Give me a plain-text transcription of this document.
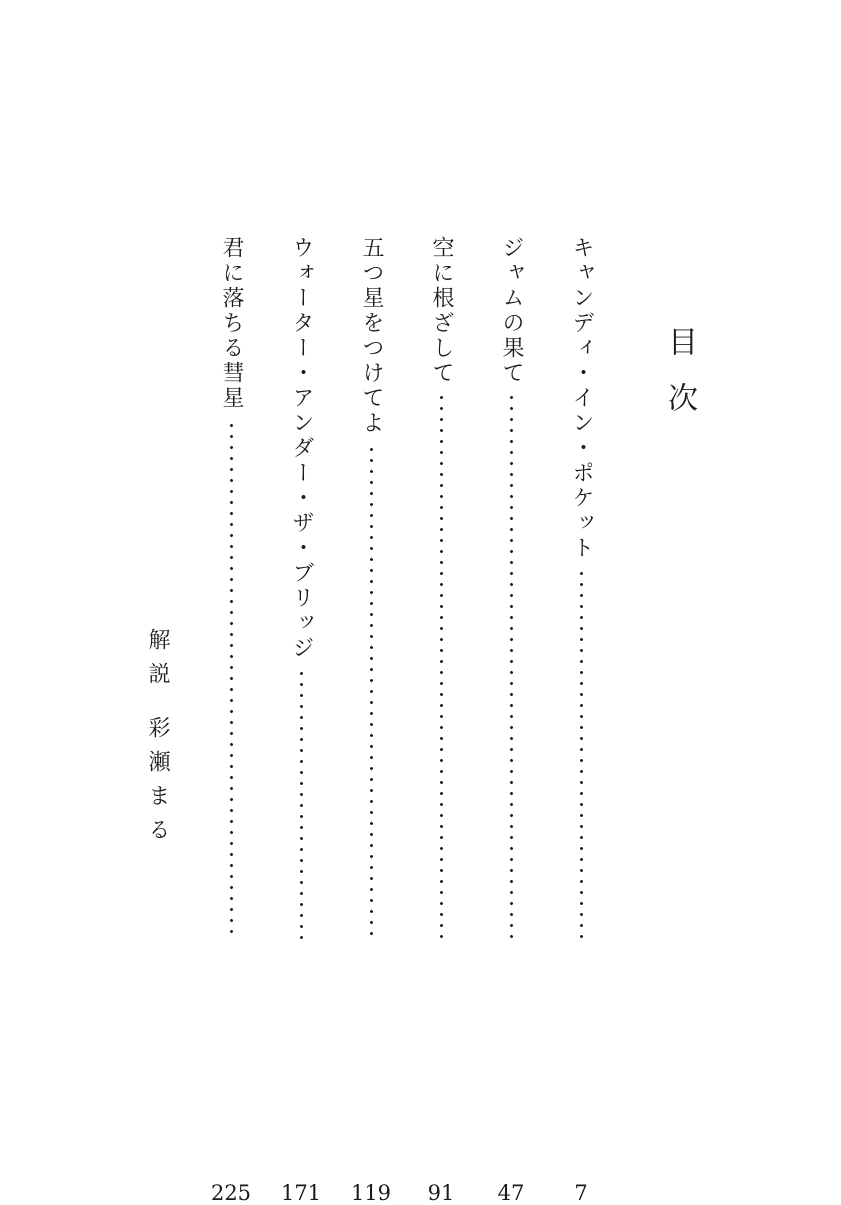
目次
キャンディ・イン・ポケット
7
ジャムの果て
47
空に根ざして
91
五つ星をつけてよ
119
ウォーター・アンダー・ザ・ブリッジ
171
君に落ちる彗星
225
解説彩瀬まる
